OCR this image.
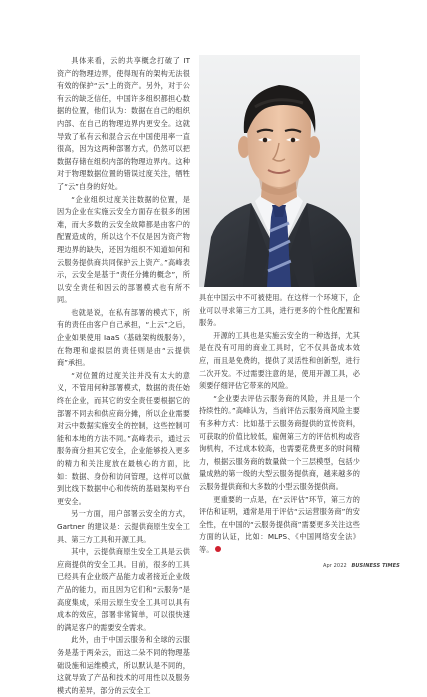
具体来看，云的共享概念打破了 IT 资产的物理边界，使得现有的架构无法很有效的保护“云”上的资产。另外，对于公有云的缺乏信任，中国许多组织都担心数据的位置，他们认为：数据在自己的组织内部、在自己的物理边界内更安全。这就导致了私有云和混合云在中国使用率一直很高，因为这两种部署方式，仍然可以把数据存储在组织内部的物理边界内。这种对于物理数据位置的错误过度关注，牺牲了“云”自身的好处。

“企业组织过度关注数据的位置，是因为企业在实施云安全方面存在很多的困难，而大多数的云安全故障都是由客户的配置造成的，所以这个不仅是因为资产物理边界的缺失，还因为组织不知道如何和云服务提供商共同保护云上资产。”高峰表示，云安全是基于“责任分摊的概念”，所以安全责任和因云的部署模式也有所不同。

也就是说，在私有部署的模式下，所有的责任由客户自己承担，“上云”之后，企业如果使用 IaaS（基础架构级服务），在物理和虚拟层的责任则是由“云提供商”承担。

“对位置的过度关注并没有太大的意义，不管用何种部署模式，数据的责任始终在企业，而其它的安全责任要根据它的部署不同去和供应商分摊，所以企业需要对云中数据实施安全的控制，这些控制可能和本地的方法不同。”高峰表示，通过云服务商分担其它安全，企业能够投入更多的精力和关注度放在最核心的方面，比如：数据、身份和访问管理，这样可以做到比线下数据中心和传统的基础架构平台更安全。

另一方面，用户部署云安全的方式，Gartner 的建议是：云提供商原生安全工具、第三方工具和开源工具。

其中，云提供商原生安全工具是云供应商提供的安全工具。目前，很多的工具已经具有企业级产品能力或者接近企业级产品的能力，而且因为它们和“云服务”是高度集成，采用云原生安全工具可以具有成本的效应，部署非常简单，可以很快速的满足客户的需要安全需求。

此外，由于中国云服务和全球的云服务是基于两朵云，而这二朵不同的物理基础设施和运维模式，所以默认是不同的，这就导致了产品和技术的可用性以及服务模式的差异，部分的云安全工

具在中国云中不可被使用。在这样一个环境下，企业可以寻求第三方工具，进行更多的个性化配置和服务。

开源的工具也是实施云安全的一种选择，尤其是在没有可用的商业工具时，它不仅具备成本效应，而且是免费的，提供了灵活性和创新型，进行二次开发。不过需要注意的是，使用开源工具，必须要仔细评估它带来的风险。

“企业要去评估云服务商的风险，并且是一个持续性的。”高峰认为，当前评估云服务商风险主要有多种方式：比如基于云服务商提供的宣传资料，可获取的价值比较低，雇佣第三方的评估机构或咨询机构，不过成本较高，也需要花费更多的时间精力，根据云服务商的数量做一个三层模型，包括少量成熟的第一级的大型云服务提供商，越来越多的云服务提供商和大多数的小型云服务提供商。

更重要的一点是，在“云评估”环节，第三方的评估和证明，通常是用于评估“云运营服务商”的安全性，在中国的“云服务提供商”需要更多关注这些方面的认证，比如：MLPS、《中国网络安全法》等。

Apr 2022 BUSINESS TIMES
